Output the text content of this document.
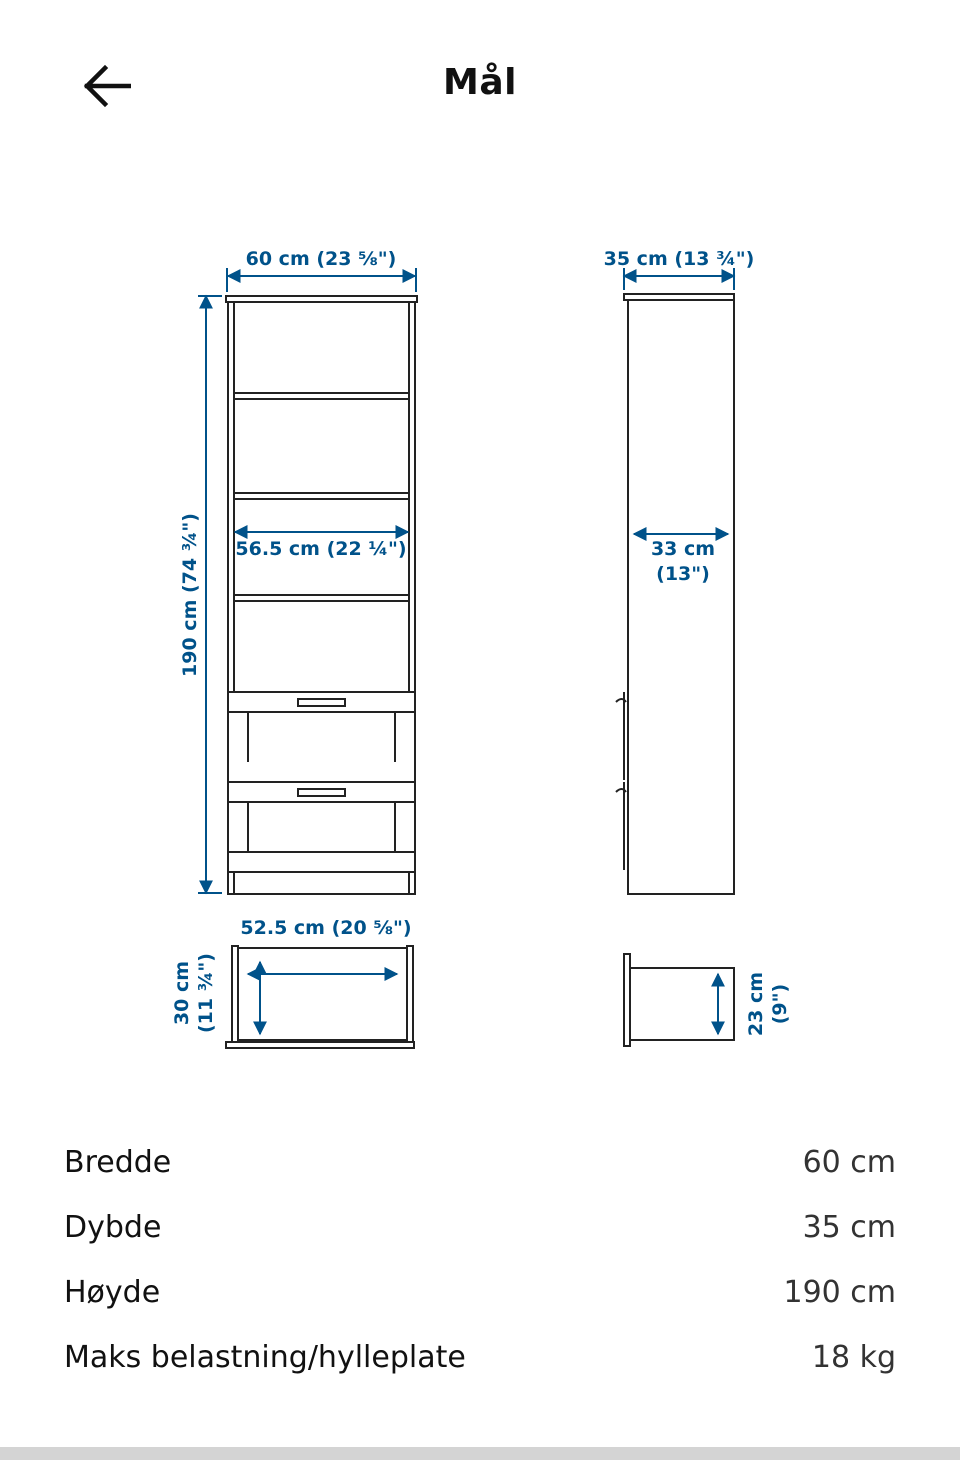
Mål
60 cm (23 ⅝")	35 cm (13 ¾")
190 cm (74 ¾") 56.5 cm (22 ¼")	33 cm
(13")
52.5 cm (20 ⅝")
30 cm (11 ¾")	23 cm (9")
Bredde	60 cm
Dybde	35 cm
Høyde	190 cm
Maks belastning/hylleplate	18 kg
